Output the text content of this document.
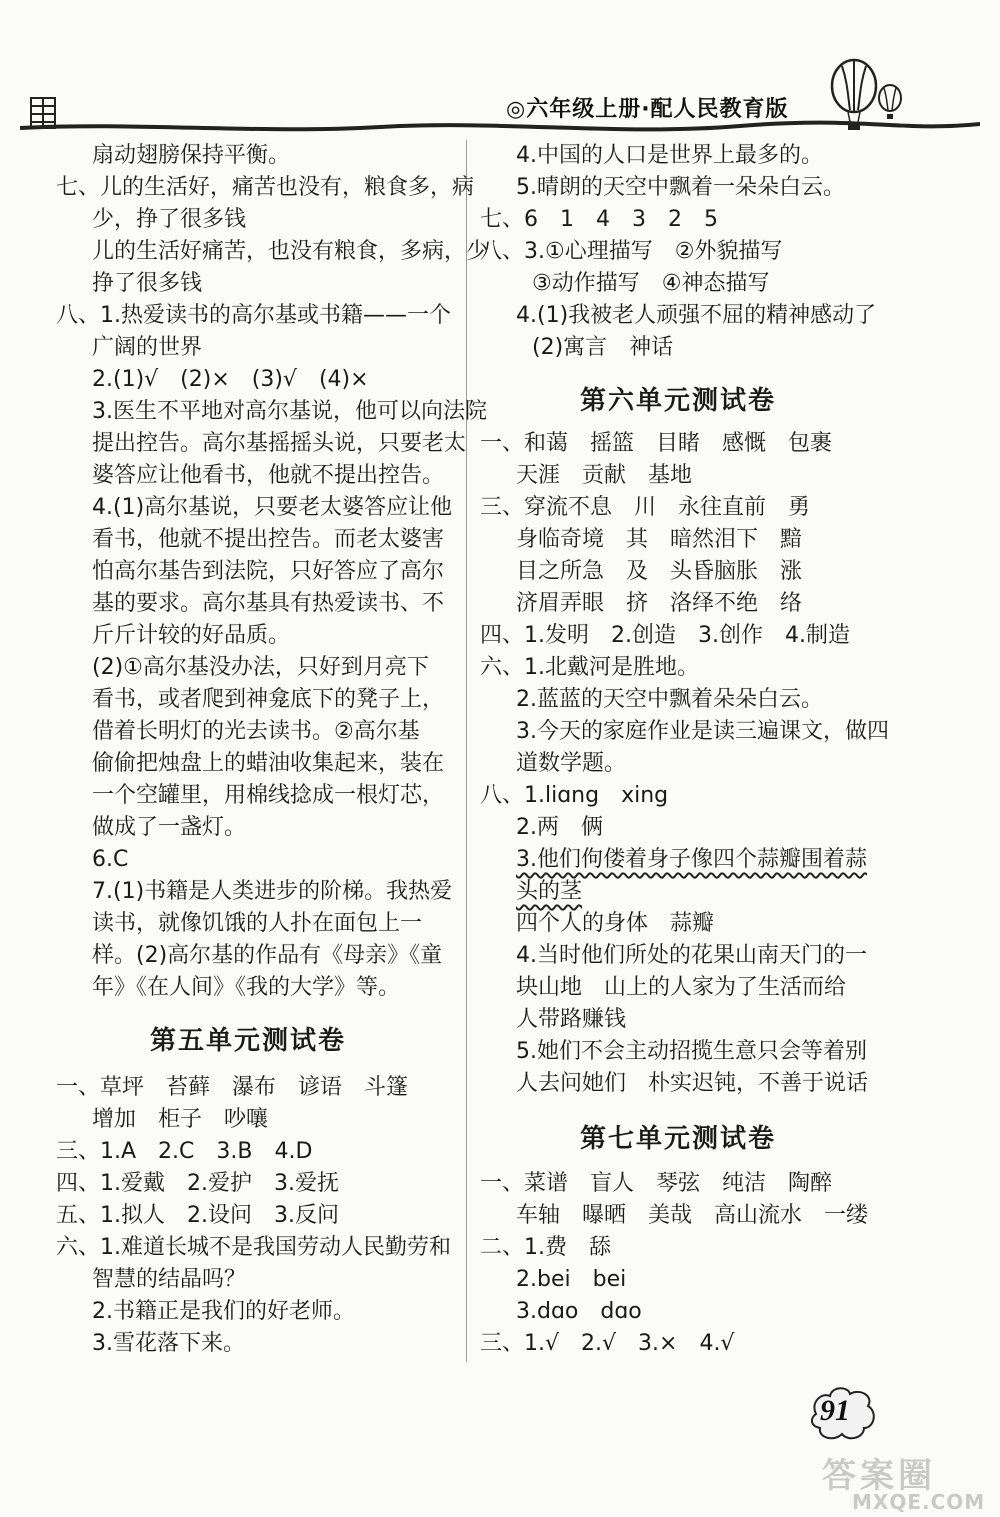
◎六年级上册·配人民教育版
扇动翅膀保持平衡。
七、儿的生活好，痛苦也没有，粮食多，病
少，挣了很多钱
儿的生活好痛苦，也没有粮食，多病，少
挣了很多钱
八、1.热爱读书的高尔基或书籍——一个
广阔的世界
2.(1)√　(2)×　(3)√　(4)×
3.医生不平地对高尔基说，他可以向法院
提出控告。高尔基摇摇头说，只要老太
婆答应让他看书，他就不提出控告。
4.(1)高尔基说，只要老太婆答应让他
看书，他就不提出控告。而老太婆害
怕高尔基告到法院，只好答应了高尔
基的要求。高尔基具有热爱读书、不
斤斤计较的好品质。
(2)①高尔基没办法，只好到月亮下
看书，或者爬到神龛底下的凳子上，
借着长明灯的光去读书。②高尔基
偷偷把烛盘上的蜡油收集起来，装在
一个空罐里，用棉线捻成一根灯芯，
做成了一盏灯。
6.C
7.(1)书籍是人类进步的阶梯。我热爱
读书，就像饥饿的人扑在面包上一
样。(2)高尔基的作品有《母亲》《童
年》《在人间》《我的大学》等。
第五单元测试卷
一、草坪　苔藓　瀑布　谚语　斗篷
增加　柜子　吵嚷
三、1.A　2.C　3.B　4.D
四、1.爱戴　2.爱护　3.爱抚
五、1.拟人　2.设问　3.反问
六、1.难道长城不是我国劳动人民勤劳和
智慧的结晶吗？
2.书籍正是我们的好老师。
3.雪花落下来。
4.中国的人口是世界上最多的。
5.晴朗的天空中飘着一朵朵白云。
七、6　1　4　3　2　5
八、3.①心理描写　②外貌描写
③动作描写　④神态描写
4.(1)我被老人顽强不屈的精神感动了
(2)寓言　神话
第六单元测试卷
一、和蔼　摇篮　目睹　感慨　包裹
天涯　贡献　基地
三、穿流不息　川　永往直前　勇
身临奇境　其　暗然泪下　黯
目之所急　及　头昏脑胀　涨
济眉弄眼　挤　洛绎不绝　络
四、1.发明　2.创造　3.创作　4.制造
六、1.北戴河是胜地。
2.蓝蓝的天空中飘着朵朵白云。
3.今天的家庭作业是读三遍课文，做四
道数学题。
八、1.liɑng　xing
2.两　俩
3.他们佝偻着身子像四个蒜瓣围着蒜
头的茎
四个人的身体　蒜瓣
4.当时他们所处的花果山南天门的一
块山地　山上的人家为了生活而给
人带路赚钱
5.她们不会主动招揽生意只会等着别
人去问她们　朴实迟钝，不善于说话
第七单元测试卷
一、菜谱　盲人　琴弦　纯洁　陶醉
车轴　曝晒　美哉　高山流水　一缕
二、1.费　舔
2.bei　bei
3.dɑo　dɑo
三、1.√　2.√　3.×　4.√
91
答案圈
MXQE.COM
